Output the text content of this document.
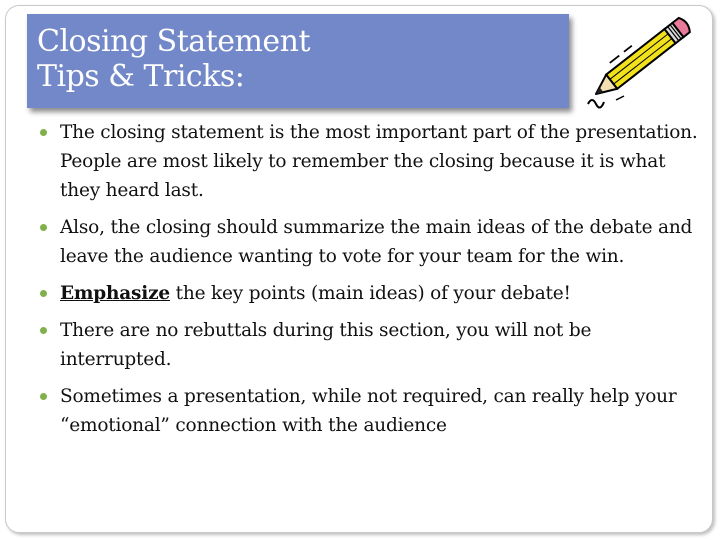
Closing Statement
Tips & Tricks:
The closing statement is the most important part of the presentation. People are most likely to remember the closing because it is what they heard last.
Also, the closing should summarize the main ideas of the debate and leave the audience wanting to vote for your team for the win.
Emphasize the key points (main ideas) of your debate!
There are no rebuttals during this section, you will not be interrupted.
Sometimes a presentation, while not required, can really help your “emotional” connection with the audience
